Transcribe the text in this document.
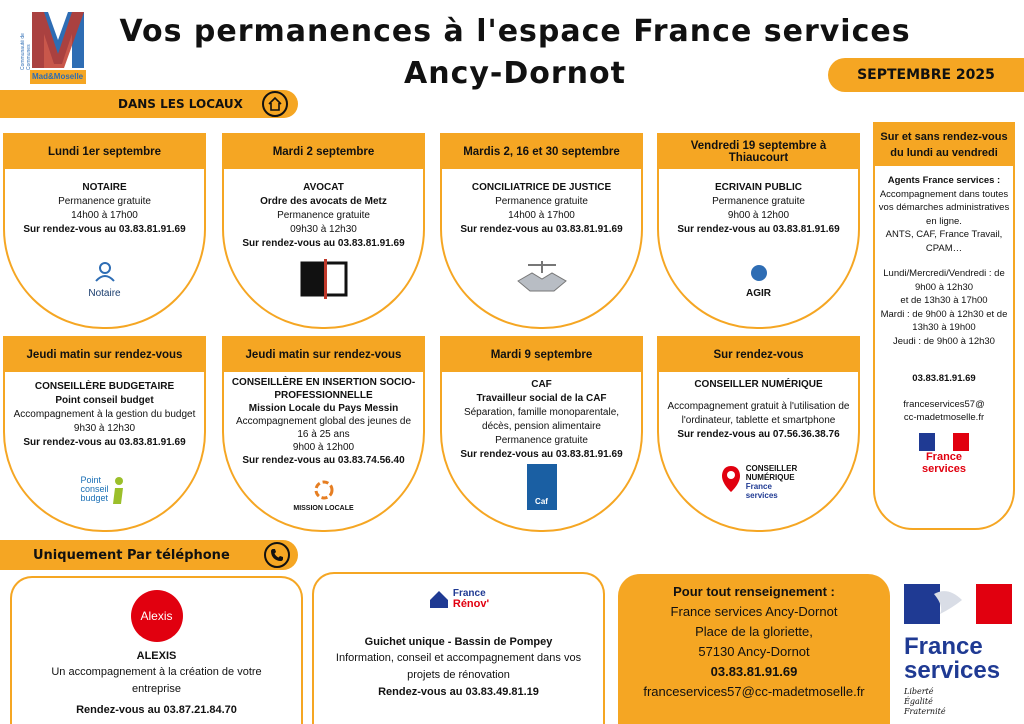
Mad&Moselle
Communauté de Communes
Vos permanences à l'espace France services
Ancy-Dornot	SEPTEMBRE 2025
DANS LES LOCAUX
Lundi 1er septembre
NOTAIRE
Permanence gratuite
14h00 à 17h00
Sur rendez-vous au 03.83.81.91.69
Notaire
Mardi 2 septembre
AVOCAT
Ordre des avocats de Metz
Permanence gratuite
09h30 à 12h30
Sur rendez-vous au 03.83.81.91.69
Mardis 2, 16 et 30 septembre
CONCILIATRICE DE JUSTICE
Permanence gratuite
14h00 à 17h00
Sur rendez-vous au 03.83.81.91.69
Vendredi 19 septembre à Thiaucourt
ECRIVAIN PUBLIC
Permanence gratuite
9h00 à 12h00
Sur rendez-vous au 03.83.81.91.69
AGIR
Sur et sans rendez-vous du lundi au vendredi
Agents France services :
Accompagnement dans toutes vos démarches administratives en ligne.
ANTS, CAF, France Travail, CPAM…
Lundi/Mercredi/Vendredi : de 9h00 à 12h30
et de 13h30 à 17h00
Mardi : de 9h00 à 12h30 et de 13h30 à 19h00
Jeudi : de 9h00 à 12h30
03.83.81.91.69
franceservices57@
cc-madetmoselle.fr
France
services
Jeudi matin sur rendez-vous
CONSEILLÈRE BUDGETAIRE
Point conseil budget
Accompagnement à la gestion du budget
9h30 à 12h30
Sur rendez-vous au 03.83.81.91.69
Point
conseil
budget
Jeudi matin sur rendez-vous
CONSEILLÈRE EN INSERTION SOCIO-PROFESSIONNELLE
Mission Locale du Pays Messin
Accompagnement global des jeunes de 16 à 25 ans
9h00 à 12h00
Sur rendez-vous au 03.83.74.56.40
MISSION LOCALE
Mardi 9 septembre
CAF
Travailleur social de la CAF
Séparation, famille monoparentale, décès, pension alimentaire
Permanence gratuite
Sur rendez-vous au 03.83.81.91.69
Caf
Sur rendez-vous
CONSEILLER NUMÉRIQUE
Accompagnement gratuit à l'utilisation de l'ordinateur, tablette et smartphone
Sur rendez-vous au 07.56.36.38.76
CONSEILLER
NUMÉRIQUE
France
services
Uniquement Par téléphone
Alexis
ALEXIS
Un accompagnement à la création de votre entreprise
Rendez-vous au 03.87.21.84.70
France
Rénov'
Guichet unique - Bassin de Pompey
Information, conseil et accompagnement dans vos projets de rénovation
Rendez-vous au 03.83.49.81.19
Pour tout renseignement :
France services Ancy-Dornot
Place de la gloriette,
57130 Ancy-Dornot
03.83.81.91.69
franceservices57@cc-madetmoselle.fr
France
services
Liberté
Égalité
Fraternité
